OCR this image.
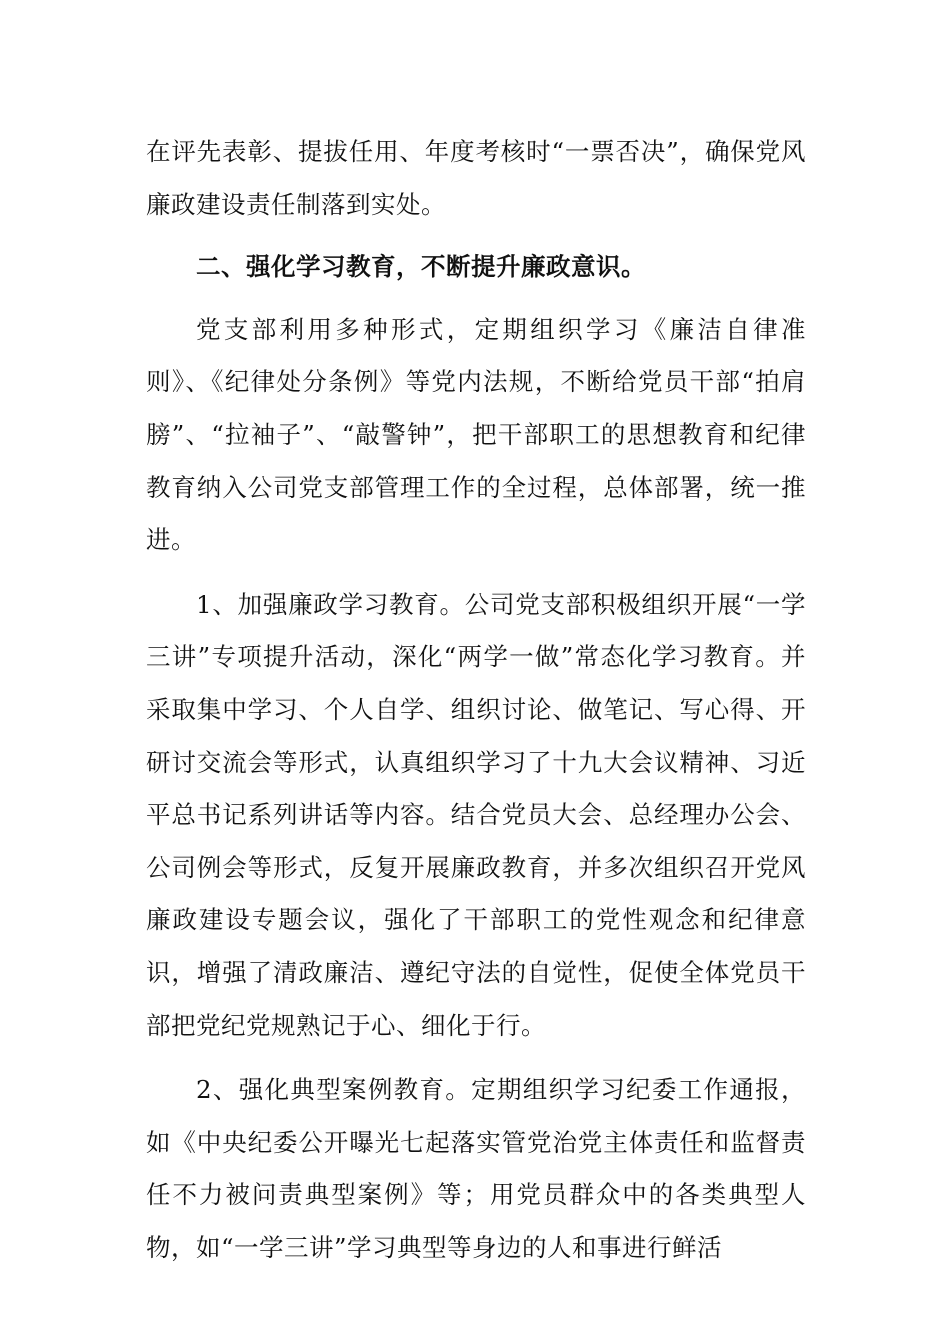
在评先表彰、提拔任用、年度考核时“一票否决”，确保党风廉政建设责任制落到实处。

二、强化学习教育，不断提升廉政意识。

党支部利用多种形式，定期组织学习《廉洁自律准则》、《纪律处分条例》等党内法规，不断给党员干部“拍肩膀”、“拉袖子”、“敲警钟”，把干部职工的思想教育和纪律教育纳入公司党支部管理工作的全过程，总体部署，统一推进。

1、加强廉政学习教育。公司党支部积极组织开展“一学三讲”专项提升活动，深化“两学一做”常态化学习教育。并采取集中学习、个人自学、组织讨论、做笔记、写心得、开研讨交流会等形式，认真组织学习了十九大会议精神、习近平总书记系列讲话等内容。结合党员大会、总经理办公会、公司例会等形式，反复开展廉政教育，并多次组织召开党风廉政建设专题会议，强化了干部职工的党性观念和纪律意识，增强了清政廉洁、遵纪守法的自觉性，促使全体党员干部把党纪党规熟记于心、细化于行。

2、强化典型案例教育。定期组织学习纪委工作通报，如《中央纪委公开曝光七起落实管党治党主体责任和监督责任不力被问责典型案例》等；用党员群众中的各类典型人物，如“一学三讲”学习典型等身边的人和事进行鲜活
